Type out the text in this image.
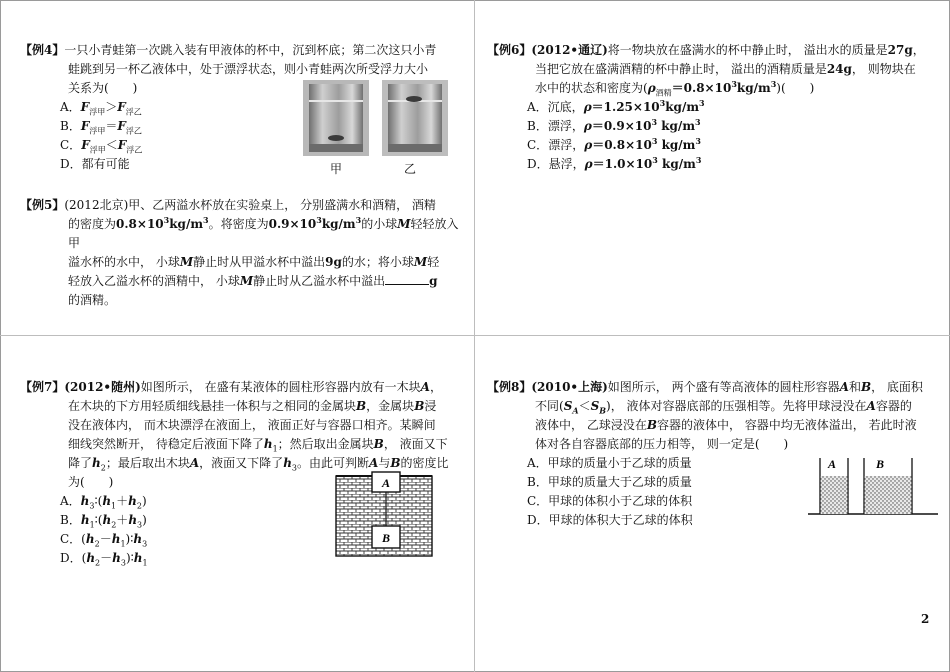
【例4】一只小青蛙第一次跳入装有甲液体的杯中，沉到杯底；第二次这只小青
蛙跳到另一杯乙液体中，处于漂浮状态，则小青蛙两次所受浮力大小
关系为(　　)
A．$F_{浮甲}>F_{浮乙}$
B．$F_{浮甲}=F_{浮乙}$
C．$F_{浮甲}<F_{浮乙}$
D．都有可能	甲	乙
【例5】(2012北京)甲、乙两溢水杯放在实验桌上， 分别盛满水和酒精， 酒精
的密度为$0.8\times 10^3kg/m^3$。将密度为$0.9\times 10^3kg/m^3$的小球M轻轻放入甲
溢水杯的水中， 小球M静止时从甲溢水杯中溢出9g的水；将小球M轻
轻放入乙溢水杯的酒精中， 小球M静止时从乙溢水杯中溢出	g
的酒精。
【例6】(2012•通辽)将一物块放在盛满水的杯中静止时， 溢出水的质量是27g，
当把它放在盛满酒精的杯中静止时， 溢出的酒精质量是24g， 则物块在
水中的状态和密度为$(\rho_{酒精}=0.8\times 10^3kg/m^3)$(　　)
A．沉底，$\rho=1.25\times 10^3kg/m^3$
B．漂浮，$\rho=0.9\times 10^3$ $kg/m^3$
C．漂浮，$\rho=0.8\times 10^3$ $kg/m^3$
D．悬浮，$\rho=1.0\times 10^3$ $kg/m^3$
【例7】(2012•随州)如图所示， 在盛有某液体的圆柱形容器内放有一木块A，
在木块的下方用轻质细线悬挂一体积与之相同的金属块B，金属块B浸
没在液体内， 而木块漂浮在液面上， 液面正好与容器口相齐。某瞬间
细线突然断开， 待稳定后液面下降了$h_1$；然后取出金属块B， 液面又下
降了$h_2$；最后取出木块A，液面又下降了$h_3$。由此可判断A与B的密度比
为(　　)
A．$h_3∶(h_1+h_2)$
B．$h_1∶(h_2+h_3)$
C．$(h_2-h_1)∶h_3$
D．$(h_2-h_3)∶h_1$
A
B
【例8】(2010•上海)如图所示， 两个盛有等高液体的圆柱形容器A和B， 底面积
不同$(S_A<S_B)$， 液体对容器底部的压强相等。先将甲球浸没在A容器的
液体中， 乙球浸没在B容器的液体中， 容器中均无液体溢出， 若此时液
体对各自容器底部的压力相等， 则一定是(　　)
A．甲球的质量小于乙球的质量
B．甲球的质量大于乙球的质量
C．甲球的体积小于乙球的体积
D．甲球的体积大于乙球的体积
A	B
2
